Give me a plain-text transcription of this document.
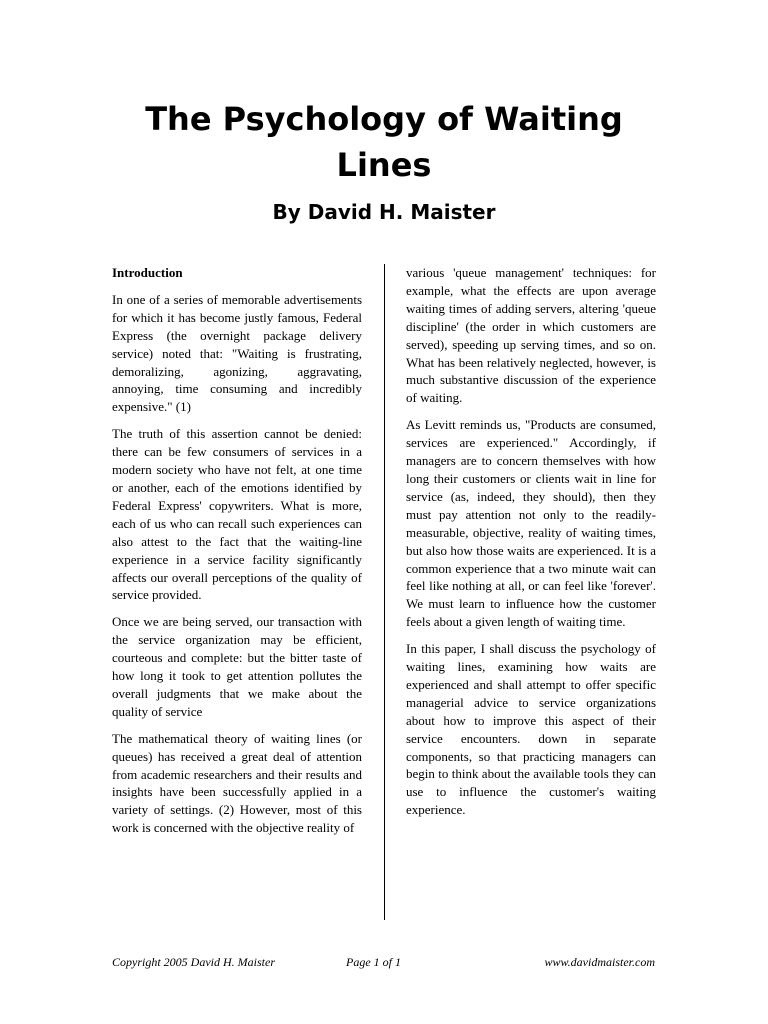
The Psychology of Waiting Lines
By David H. Maister
Introduction

In one of a series of memorable advertisements for which it has become justly famous, Federal Express (the overnight package delivery service) noted that: "Waiting is frustrating, demoralizing, agonizing, aggravating, annoying, time consuming and incredibly expensive." (1)

The truth of this assertion cannot be denied: there can be few consumers of services in a modern society who have not felt, at one time or another, each of the emotions identified by Federal Express' copywriters. What is more, each of us who can recall such experiences can also attest to the fact that the waiting-line experience in a service facility significantly affects our overall perceptions of the quality of service provided.

Once we are being served, our transaction with the service organization may be efficient, courteous and complete: but the bitter taste of how long it took to get attention pollutes the overall judgments that we make about the quality of service

The mathematical theory of waiting lines (or queues) has received a great deal of attention from academic researchers and their results and insights have been successfully applied in a variety of settings. (2) However, most of this work is concerned with the objective reality of

various 'queue management' techniques: for example, what the effects are upon average waiting times of adding servers, altering 'queue discipline' (the order in which customers are served), speeding up serving times, and so on. What has been relatively neglected, however, is much substantive discussion of the experience of waiting.

As Levitt reminds us, "Products are consumed, services are experienced." Accordingly, if managers are to concern themselves with how long their customers or clients wait in line for service (as, indeed, they should), then they must pay attention not only to the readily-measurable, objective, reality of waiting times, but also how those waits are experienced. It is a common experience that a two minute wait can feel like nothing at all, or can feel like 'forever'. We must learn to influence how the customer feels about a given length of waiting time.

In this paper, I shall discuss the psychology of waiting lines, examining how waits are experienced and shall attempt to offer specific managerial advice to service organizations about how to improve this aspect of their service encounters. down in separate components, so that practicing managers can begin to think about the available tools they can use to influence the customer's waiting experience.

Copyright 2005 David H. Maister	Page 1 of 1	www.davidmaister.com
